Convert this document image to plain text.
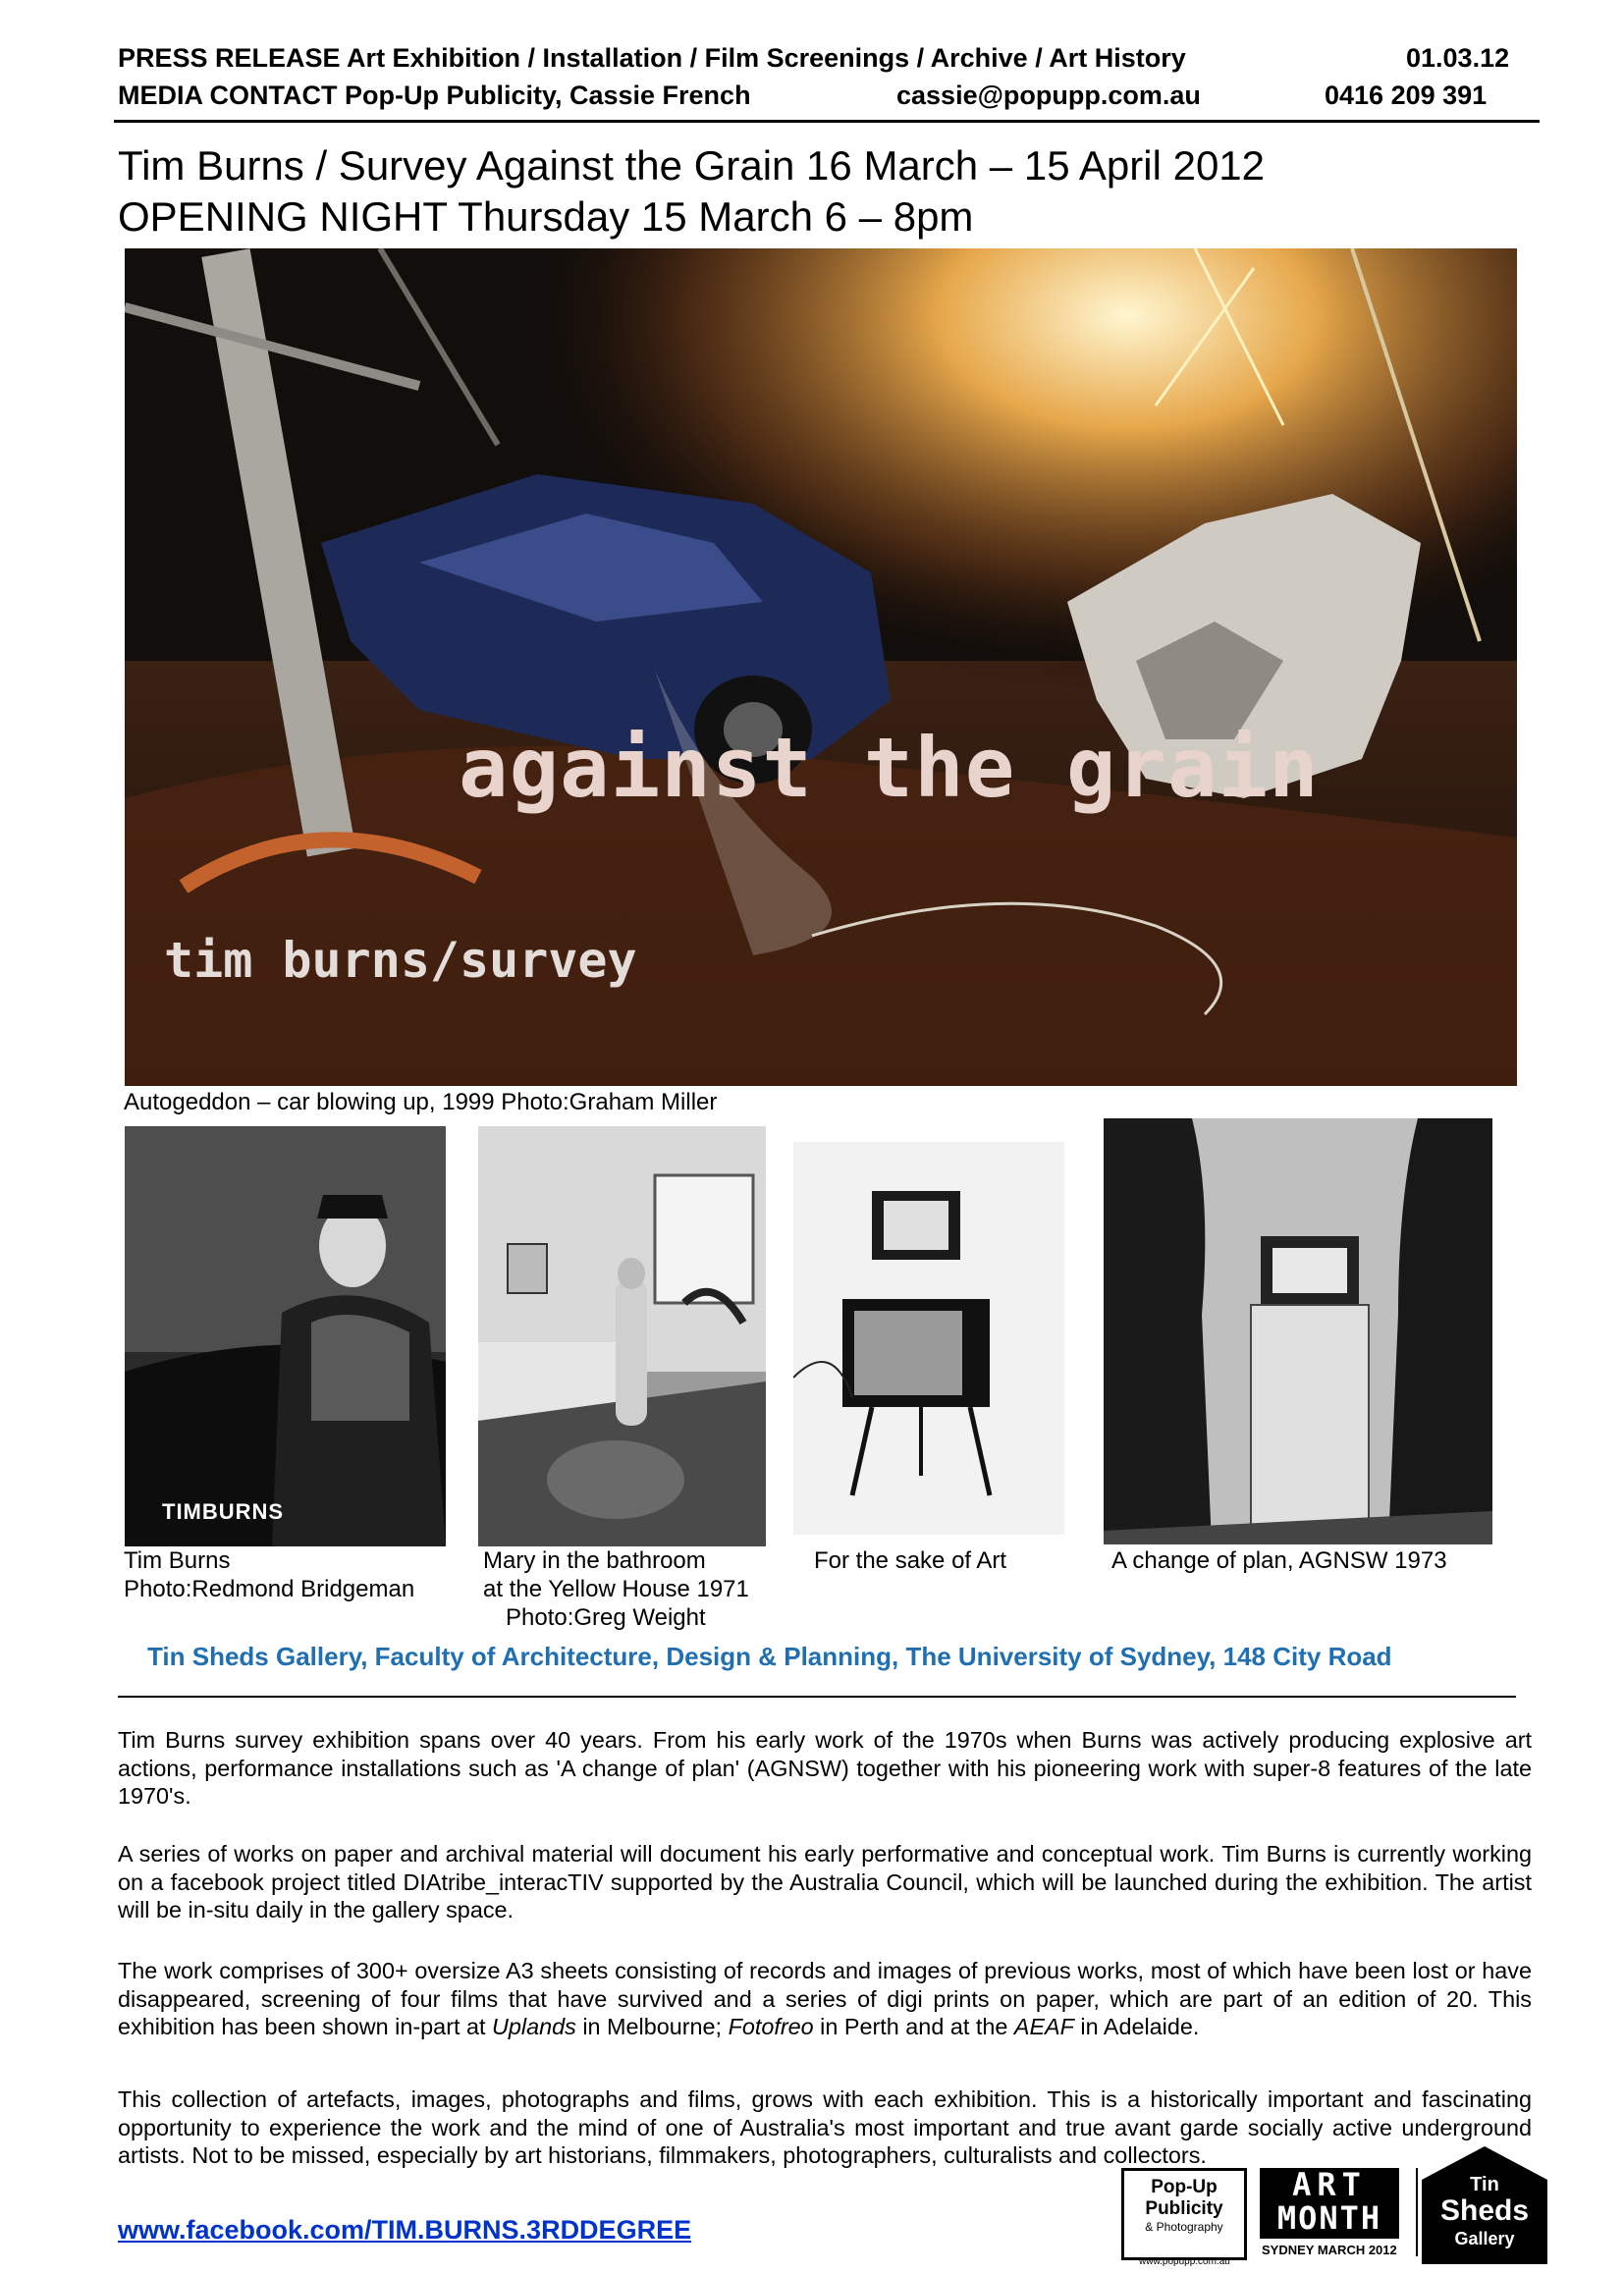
PRESS RELEASE Art Exhibition / Installation / Film Screenings / Archive / Art History	01.03.12
MEDIA CONTACT Pop-Up Publicity, Cassie French	cassie@popupp.com.au	0416 209 391
Tim Burns / Survey Against the Grain 16 March – 15 April 2012
OPENING NIGHT Thursday 15 March 6 – 8pm
against the grain
tim burns/survey
Autogeddon – car blowing up, 1999 Photo:Graham Miller
TIMBURNS
Tim Burns
Photo:Redmond Bridgeman
Mary in the bathroom
at the Yellow House 1971
Photo:Greg Weight
For the sake of Art	A change of plan, AGNSW 1973
Tin Sheds Gallery, Faculty of Architecture, Design & Planning, The University of Sydney, 148 City Road
Tim Burns survey exhibition spans over 40 years. From his early work of the 1970s when Burns was actively producing explosive art actions, performance installations such as 'A change of plan' (AGNSW) together with his pioneering work with super-8 features of the late 1970's.
A series of works on paper and archival material will document his early performative and conceptual work. Tim Burns is currently working on a facebook project titled DIAtribe_interacTIV supported by the Australia Council, which will be launched during the exhibition. The artist will be in-situ daily in the gallery space.
The work comprises of 300+ oversize A3 sheets consisting of records and images of previous works, most of which have been lost or have disappeared, screening of four films that have survived and a series of digi prints on paper, which are part of an edition of 20. This exhibition has been shown in-part at Uplands in Melbourne; Fotofreo in Perth and at the AEAF in Adelaide.
This collection of artefacts, images, photographs and films, grows with each exhibition. This is a historically important and fascinating opportunity to experience the work and the mind of one of Australia's most important and true avant garde socially active underground artists. Not to be missed, especially by art historians, filmmakers, photographers, culturalists and collectors.
www.facebook.com/TIM.BURNS.3RDDEGREE
Pop-Up
Publicity
& Photography
www.popupp.com.au
ART
MONTH
SYDNEY MARCH 2012
Tin
Sheds
Gallery
